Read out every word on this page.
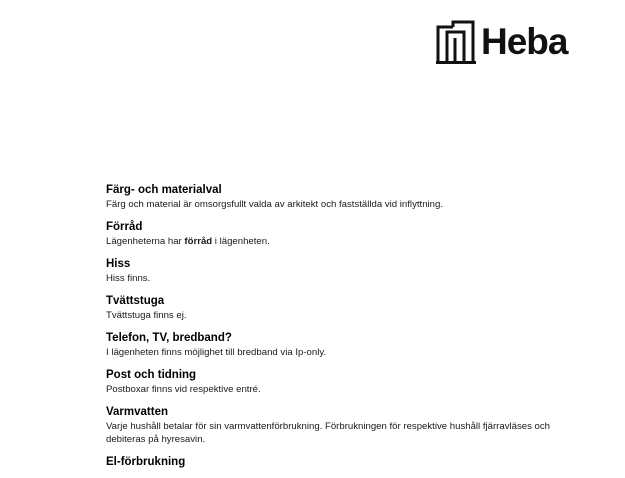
Heba

Färg- och materialval

Färg och material är omsorgsfullt valda av arkitekt och fastställda vid inflyttning.

Förråd

Lägenheterna har förråd i lägenheten.

Hiss

Hiss finns.

Tvättstuga

Tvättstuga finns ej.

Telefon, TV, bredband?

I lägenheten finns möjlighet till bredband via Ip-only.

Post och tidning

Postboxar finns vid respektive entré.

Varmvatten

Varje hushåll betalar för sin varmvattenförbrukning. Förbrukningen för respektive hushåll fjärravläses och debiteras på hyresavin.

El-förbrukning
